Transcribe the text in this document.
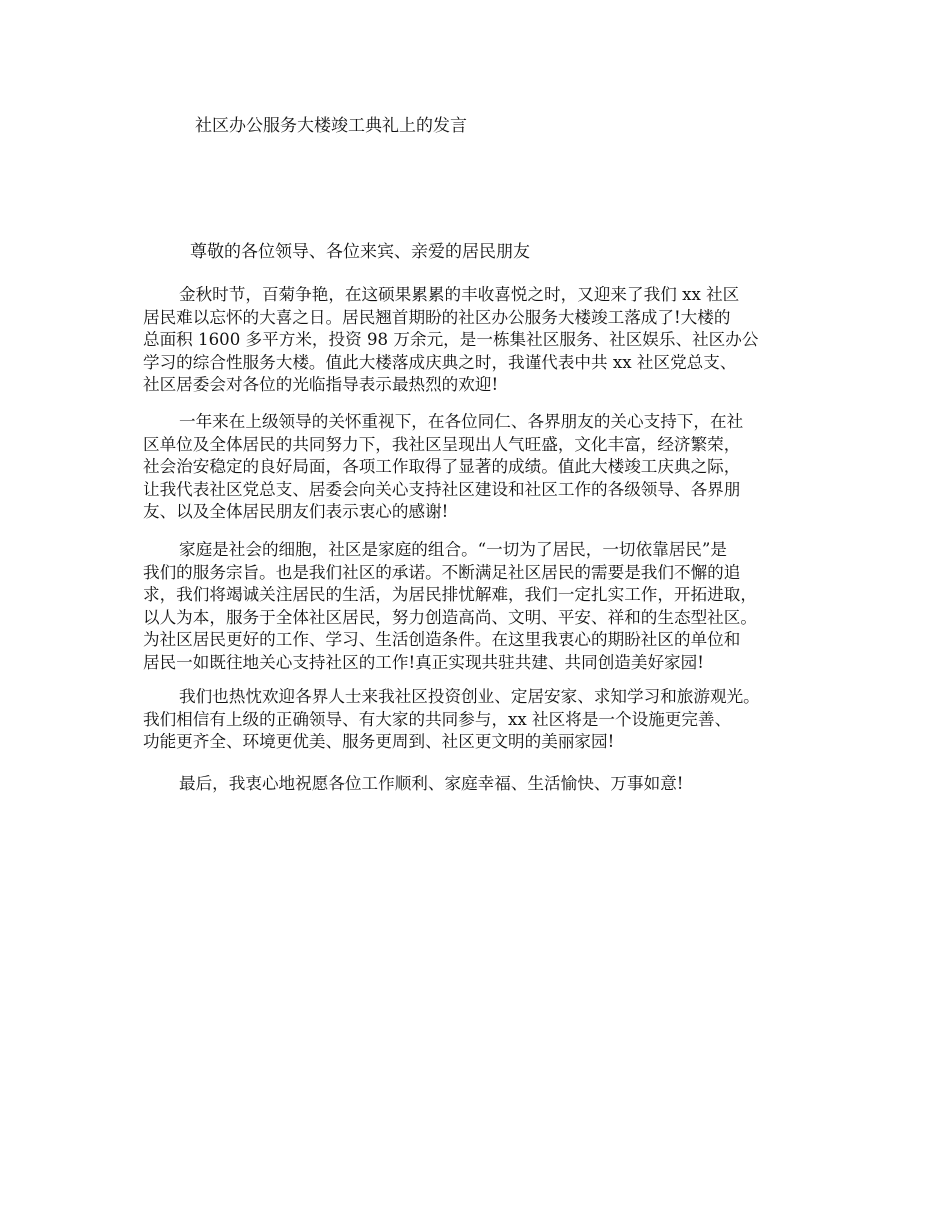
社区办公服务大楼竣工典礼上的发言

尊敬的各位领导、各位来宾、亲爱的居民朋友

金秋时节，百菊争艳，在这硕果累累的丰收喜悦之时，又迎来了我们 xx 社区
居民难以忘怀的大喜之日。居民翘首期盼的社区办公服务大楼竣工落成了!大楼的
总面积 1600 多平方米，投资 98 万余元，是一栋集社区服务、社区娱乐、社区办公
学习的综合性服务大楼。值此大楼落成庆典之时，我谨代表中共 xx 社区党总支、
社区居委会对各位的光临指导表示最热烈的欢迎!

一年来在上级领导的关怀重视下，在各位同仁、各界朋友的关心支持下，在社
区单位及全体居民的共同努力下，我社区呈现出人气旺盛，文化丰富，经济繁荣，
社会治安稳定的良好局面，各项工作取得了显著的成绩。值此大楼竣工庆典之际，
让我代表社区党总支、居委会向关心支持社区建设和社区工作的各级领导、各界朋
友、以及全体居民朋友们表示衷心的感谢!

家庭是社会的细胞，社区是家庭的组合。“一切为了居民，一切依靠居民”是
我们的服务宗旨。也是我们社区的承诺。不断满足社区居民的需要是我们不懈的追
求，我们将竭诚关注居民的生活，为居民排忧解难，我们一定扎实工作，开拓进取，
以人为本，服务于全体社区居民，努力创造高尚、文明、平安、祥和的生态型社区。
为社区居民更好的工作、学习、生活创造条件。在这里我衷心的期盼社区的单位和
居民一如既往地关心支持社区的工作!真正实现共驻共建、共同创造美好家园!

我们也热忱欢迎各界人士来我社区投资创业、定居安家、求知学习和旅游观光。
我们相信有上级的正确领导、有大家的共同参与，xx 社区将是一个设施更完善、
功能更齐全、环境更优美、服务更周到、社区更文明的美丽家园!

最后，我衷心地祝愿各位工作顺利、家庭幸福、生活愉快、万事如意!
